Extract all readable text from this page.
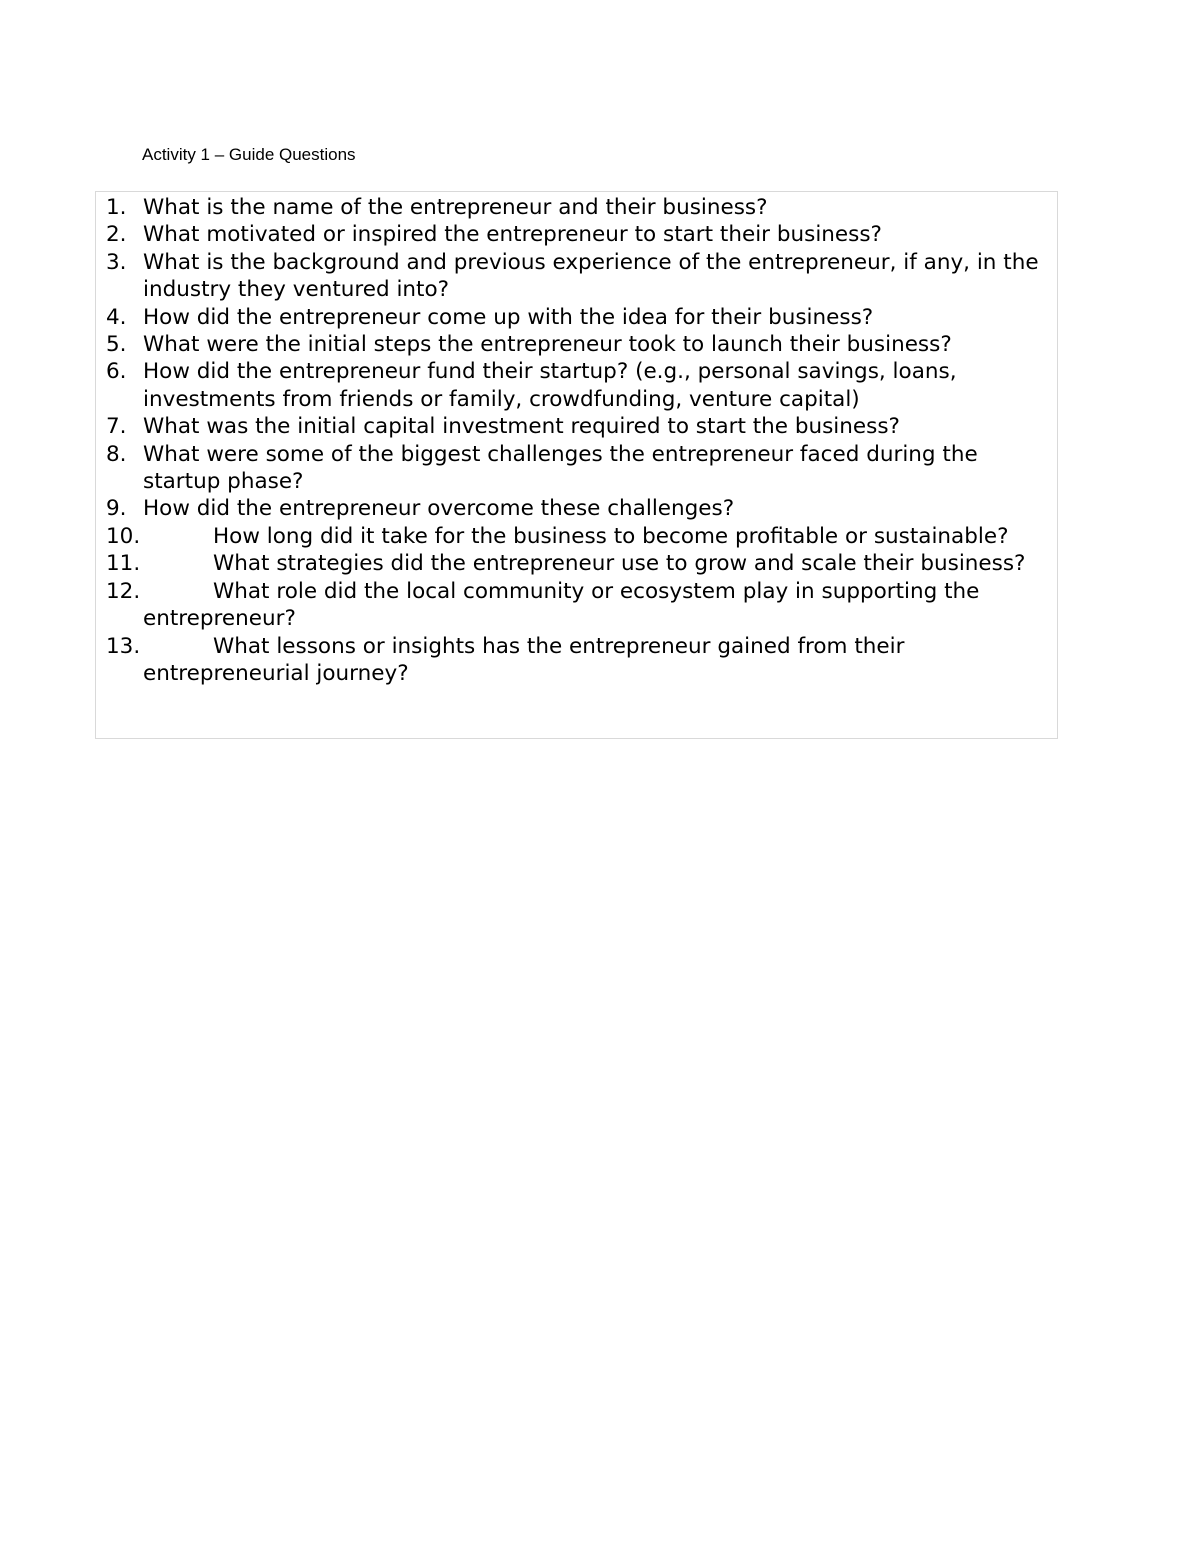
Activity 1 – Guide Questions
1. What is the name of the entrepreneur and their business?
2. What motivated or inspired the entrepreneur to start their business?
3. What is the background and previous experience of the entrepreneur, if any, in the industry they ventured into?
4. How did the entrepreneur come up with the idea for their business?
5. What were the initial steps the entrepreneur took to launch their business?
6. How did the entrepreneur fund their startup? (e.g., personal savings, loans, investments from friends or family, crowdfunding, venture capital)
7. What was the initial capital investment required to start the business?
8. What were some of the biggest challenges the entrepreneur faced during the startup phase?
9. How did the entrepreneur overcome these challenges?
10.	How long did it take for the business to become profitable or sustainable?
11.	What strategies did the entrepreneur use to grow and scale their business?
12.	What role did the local community or ecosystem play in supporting the entrepreneur?
13.	What lessons or insights has the entrepreneur gained from their entrepreneurial journey?
